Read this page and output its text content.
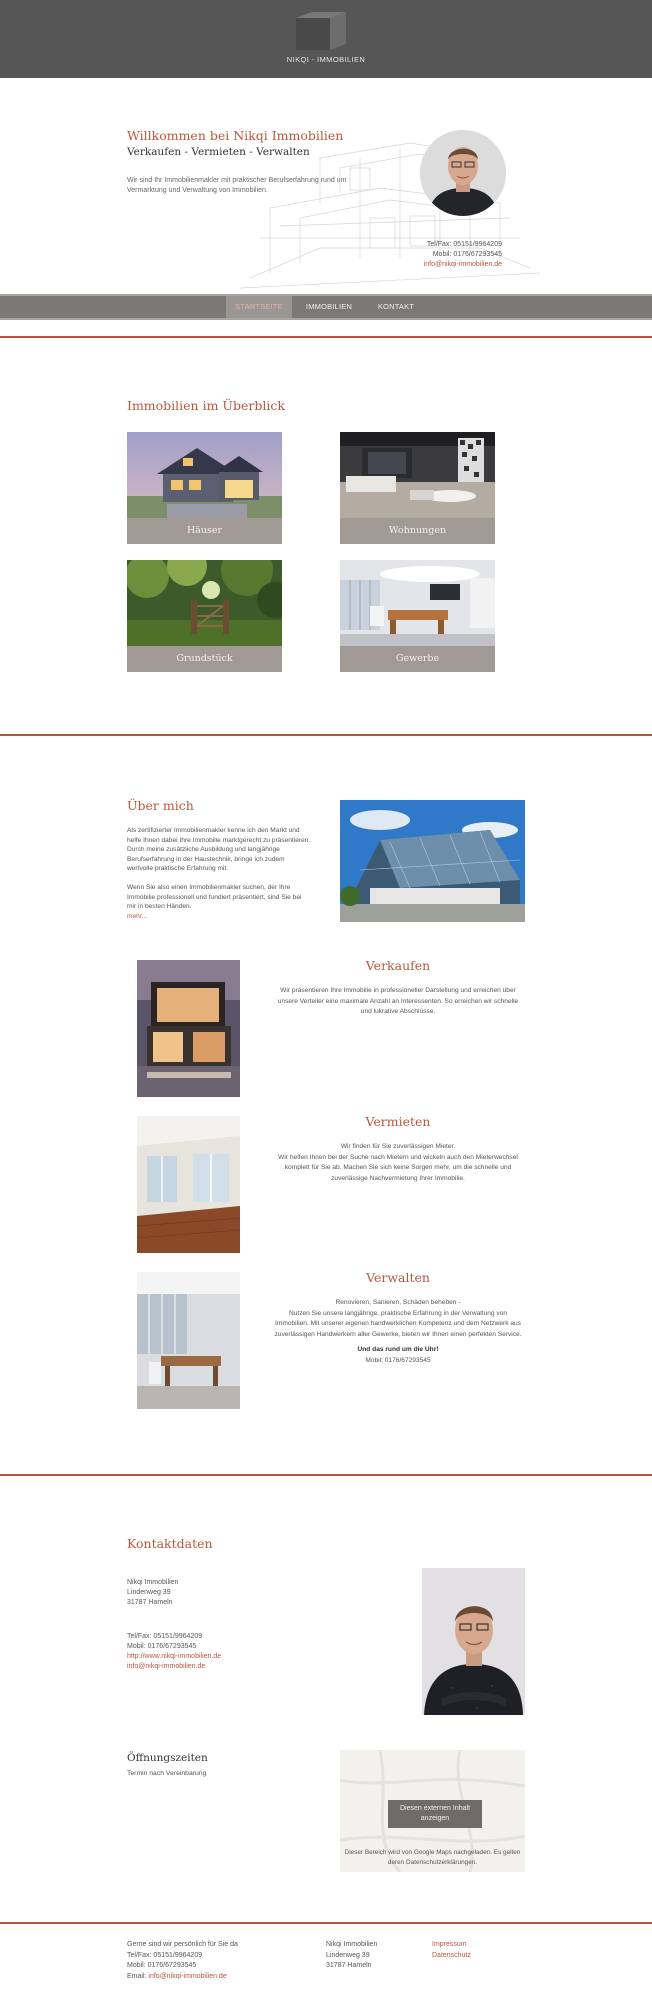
NIKQI - IMMOBILIEN
Willkommen bei Nikqi Immobilien
Verkaufen - Vermieten - Verwalten
Wir sind Ihr Immobilienmakler mit praktischer Berufserfahrung rund um
Vermarktung und Verwaltung von Immobilien.
Tel/Fax: 05151/9964209
Mobil: 0176/67293545
info@nikqi-immobilien.de
STARTSEITE	IMMOBILIEN	KONTAKT
Immobilien im Überblick
Häuser	Wohnungen
Grundstück	Gewerbe
Über mich

Als zertifizierter Immobilienmakler kenne ich den Markt und helfe Ihnen dabei Ihre Immobilie marktgerecht zu präsentieren. Durch meine zusätzliche Ausbildung und langjährige Berufserfahrung in der Haustechnik, bringe ich zudem wertvolle praktische Erfahrung mit.

Wenn Sie also einen Immobilienmakler suchen, der Ihre Immobilie professionell und fundiert präsentiert, sind Sie bei mir in besten Händen.

mehr...
Verkaufen
Wir präsentieren Ihre Immobilie in professioneller Darstellung und erreichen über
unsere Verteiler eine maximale Anzahl an Interessenten. So erreichen wir schnelle
und lukrative Abschlüsse.
Vermieten
Wir finden für Sie zuverlässigen Mieter.
Wir helfen Ihnen bei der Suche nach Mietern und wickeln auch den Mieterwechsel
komplett für Sie ab. Machen Sie sich keine Sorgen mehr, um die schnelle und
zuverlässige Nachvermietung Ihrer Immobilie.
Verwalten
Renovieren, Sanieren, Schäden beheben -
Nutzen Sie unsere langjährige, praktische Erfahrung in der Verwaltung von
Immobilien. Mit unserer eigenen handwerklichen Kompetenz und dem Netzwerk aus
zuverlässigen Handwerkern aller Gewerke, bieten wir Ihnen einen perfekten Service.
Und das rund um die Uhr!
Mobil: 0176/67293545
Kontaktdaten
Nikqi Immobilien
Lindenweg 39
31787 Hameln
Tel/Fax: 05151/9964209
Mobil: 0176/67293545
http://www.nikqi-immobilien.de
info@nikqi-immobilien.de
Öffnungszeiten
Termin nach Vereinbarung
Diesen externen Inhalt anzeigen
Dieser Bereich wird von Google Maps nachgeladen. Es gelten deren Datenschutzerklärungen.
Gerne sind wir persönlich für Sie da
Tel/Fax: 05151/9964209
Mobil: 0176/67293545
Email: info@nikqi-immobilien.de
Nikqi Immobilien
Lindenweg 39
31787 Hameln
Impressum
Datenschutz
